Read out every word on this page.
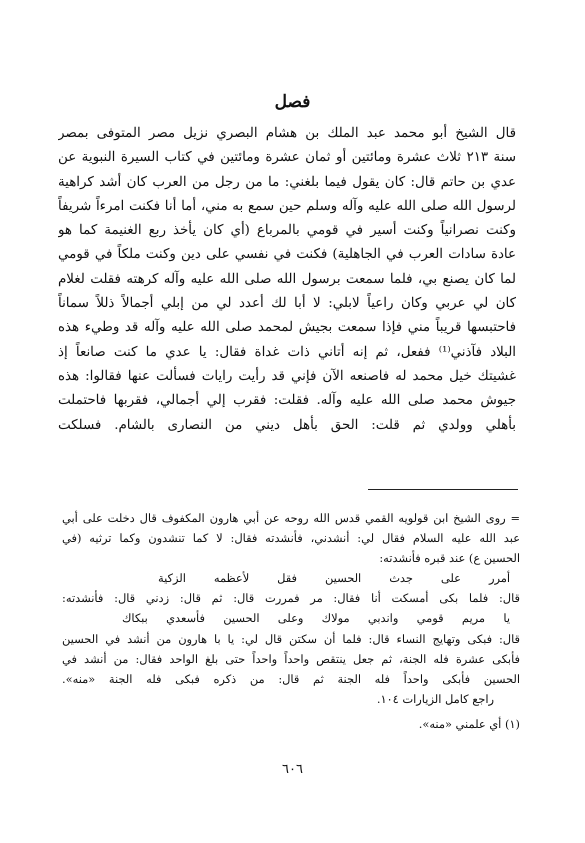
فصل
قال الشيخ أبو محمد عبد الملك بن هشام البصري نزيل مصر المتوفى بمصر
سنة ٢١٣ ثلاث عشرة ومائتين أو ثمان عشرة ومائتين في كتاب السيرة النبوية عن
عدي بن حاتم قال: كان يقول فيما بلغني: ما من رجل من العرب كان أشد كراهية
لرسول الله صلى الله عليه وآله وسلم حين سمع به مني، أما أنا فكنت امرءاً شريفاً
وكنت نصرانياً وكنت أسير في قومي بالمرباع (أي كان يأخذ ربع الغنيمة كما هو
عادة سادات العرب في الجاهلية) فكنت في نفسي على دين وكنت ملكاً في قومي
لما كان يصنع بي، فلما سمعت برسول الله صلى الله عليه وآله كرهته فقلت لغلام
كان لي عربي وكان راعياً لابلي: لا أبا لك أعدد لي من إبلي أجمالاً ذللاً سماناً
فاحتبسها قريباً مني فإذا سمعت بجيش لمحمد صلى الله عليه وآله قد وطيء هذه
البلاد فآذني⁽¹⁾ ففعل، ثم إنه أتاني ذات غداة فقال: يا عدي ما كنت صانعاً إذ
غشيتك خيل محمد له فاصنعه الآن فإني قد رأيت رايات فسألت عنها فقالوا: هذه
جيوش محمد صلى الله عليه وآله. فقلت: فقرب إلي أجمالي، فقربها فاحتملت
بأهلي وولدي ثم قلت: الحق بأهل ديني من النصارى بالشام. فسلكت
= روى الشيخ ابن قولويه القمي قدس الله روحه عن أبي هارون المكفوف قال دخلت على أبي
عبد الله عليه السلام فقال لي: أنشدني، فأنشدته فقال: لا كما تنشدون وكما ترثيه (في
الحسين ع) عند قبره فأنشدته:
أمرر على جدث الحسين فقل لأعظمه الزكية
قال: فلما بكى أمسكت أنا فقال: مر فمررت قال: ثم قال: زدني قال: فأنشدته:
يا مريم قومي واندبي مولاك وعلى الحسين فأسعدي ببكاك
قال: فبكى وتهايج النساء قال: فلما أن سكتن قال لي: يا با هارون من أنشد في الحسين
فأبكى عشرة فله الجنة، ثم جعل ينتقص واحداً واحداً حتى بلغ الواحد فقال: من أنشد في
الحسين فأبكى واحداً فله الجنة ثم قال: من ذكره فبكى فله الجنة «منه».
راجع كامل الزيارات ١٠٤.
(١) أي علمني «منه».
٦٠٦
